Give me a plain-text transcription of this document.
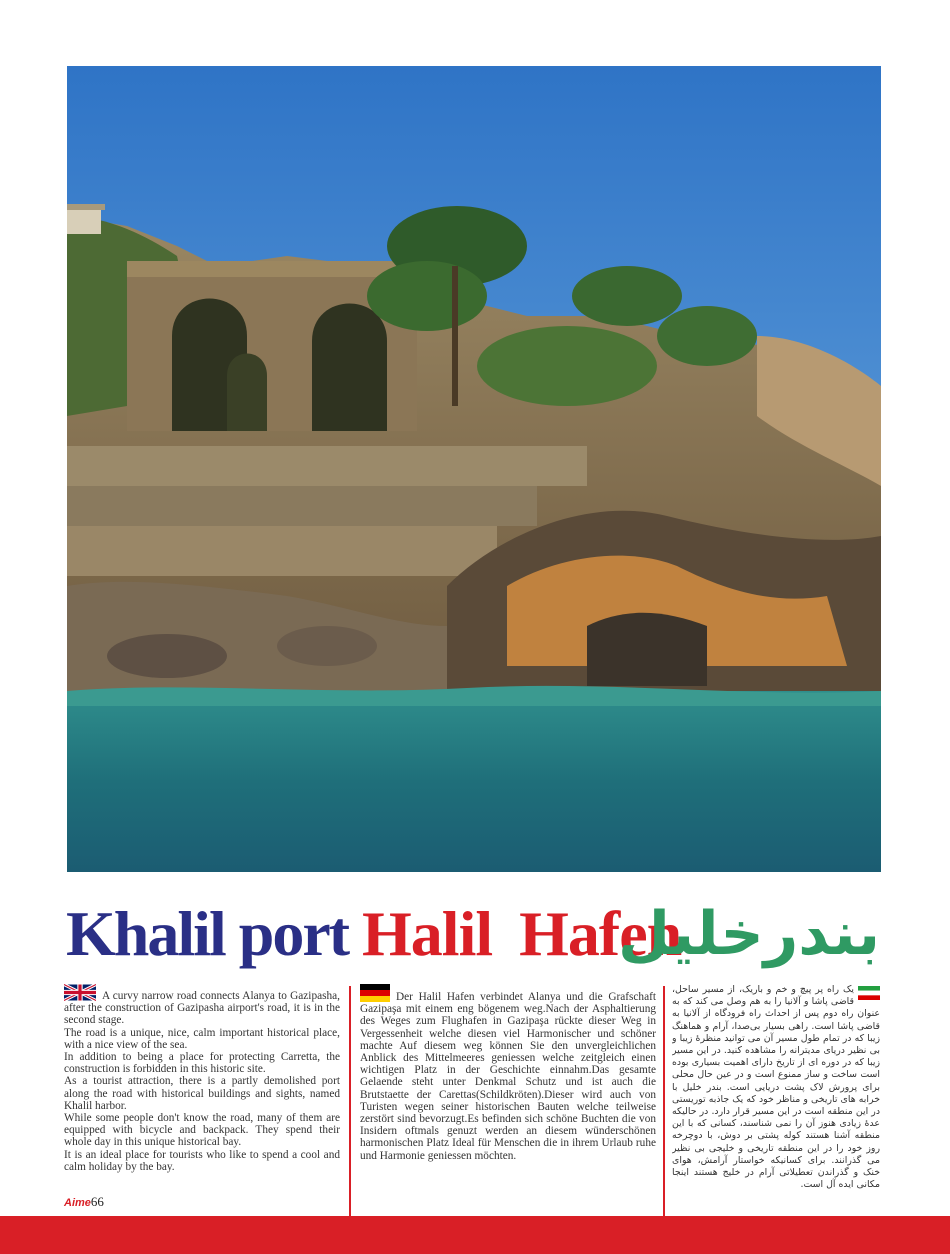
Khalil port Halil Hafen
بندرخلیل

A curvy narrow road connects Alanya to Gazipasha, after the construction of Gazipasha airport's road, it is in the second stage.

The road is a unique, nice, calm important historical place, with a nice view of the sea.

In addition to being a place for protecting Carretta, the construction is forbidden in this historic site.

As a tourist attraction, there is a partly demolished port along the road with historical buildings and sights, named Khalil harbor.

While some people don't know the road, many of them are equipped with bicycle and backpack. They spend their whole day in this unique historical bay.

It is an ideal place for tourists who like to spend a cool and calm holiday by the bay.

Der Halil Hafen verbindet Alanya und die Grafschaft Gazipaşa mit einem eng bögenem weg.Nach der Asphaltierung des Weges zum Flughafen in Gazipaşa rückte dieser Weg in Vergessenheit welche diesen viel Harmonischer und schöner machte Auf diesem weg können Sie den unvergleichlichen Anblick des Mittelmeeres geniessen welche zeitgleich einen wichtigen Platz in der Geschichte einnahm.Das gesamte Gelaende steht unter Denkmal Schutz und ist auch die Brutstaette der Carettas(Schildkröten).Dieser wird auch von Turisten wegen seiner historischen Bauten welche teilweise zerstört sind bevorzugt.Es befinden sich schöne Buchten die von Insidern oftmals genuzt werden an diesem wünderschönen harmonischen Platz Ideal für Menschen die in ihrem Urlaub ruhe und Harmonie geniessen möchten.

یک راه پر پیچ و خم و باریک، از مسیر ساحل، قاضی پاشا و آلانیا را به هم وصل می کند که به عنوان راه دوم پس از احداث راه فرودگاه از آلانیا به قاضی پاشا است. راهی بسیار بی‌صدا، آرام و هماهنگ زیبا که در تمام طول مسیر آن می توانید منظرهٔ زیبا و بی نظیر دریای مدیترانه را مشاهده کنید. در این مسیر زیبا که در دوره ای از تاریخ دارای اهمیت بسیاری بوده است ساخت و ساز ممنوع است و در عین حال محلی برای پرورش لاک پشت دریایی است. بندر خلیل با خرابه های تاریخی و مناظر خود که یک جاذبه توریستی در این منطقه است در این مسیر قرار دارد. در حالیکه عدهٔ زیادی هنوز آن را نمی شناسند، کسانی که با این منطقه آشنا هستند کوله پشتی بر دوش، با دوچرخه روز خود را در این منطقه تاریخی و خلیجی بی نظیر می گذرانند. برای کسانیکه خواستار آرامش، هوای خنک و گذراندن تعطیلاتی آرام در خلیج هستند اینجا مکانی ایده آل است.

Aime66
